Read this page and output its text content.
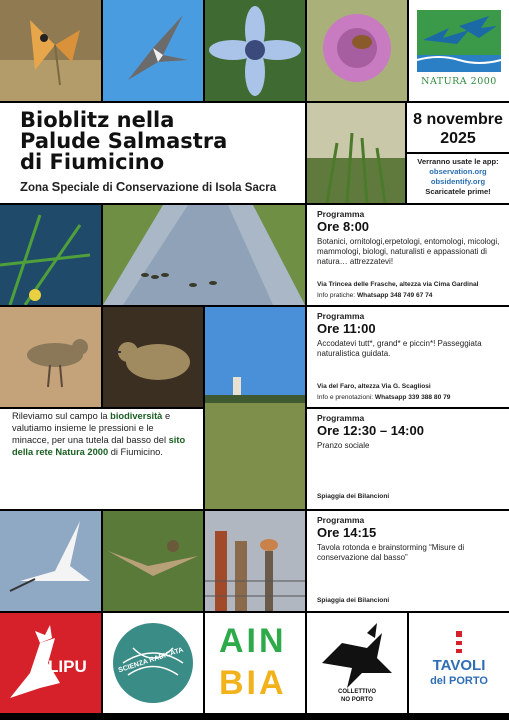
NATURA 2000
Bioblitz nella
Palude Salmastra
di Fiumicino
Zona Speciale di Conservazione di Isola Sacra
8 novembre
2025
Verranno usate le app:
observation.org
obsidentify.org
Scaricatele prime!
Programma
Ore 8:00
Botanici, ornitologi,erpetologi, entomologi, micologi, mammologi, biologi, naturalisti e appassionati di natura… attrezzatevi!
Via Trincea delle Frasche, altezza via Cima Gardinal
Info pratiche: Whatsapp 348 749 67 74
Programma
Ore 11:00
Accodatevi tutt*, grand* e piccin*! Passeggiata naturalistica guidata.
Via del Faro, altezza Via G. Scagliosi
Info e prenotazioni: Whatsapp 339 388 80 79
Rileviamo sul campo la biodiversità e valutiamo insieme le pressioni e le minacce, per una tutela dal basso del sito della rete Natura 2000 di Fiumicino.
Programma
Ore 12:30 – 14:00
Pranzo sociale
Spiaggia dei Bilancioni
Programma
Ore 14:15
Tavola rotonda e brainstorming “Misure di conservazione dal basso”
Spiaggia dei Bilancioni
LIPU	SCIENZA RADICATA
AIN
BIA	COLLETTIVO
NO PORTO
TAVOLI
del PORTO
